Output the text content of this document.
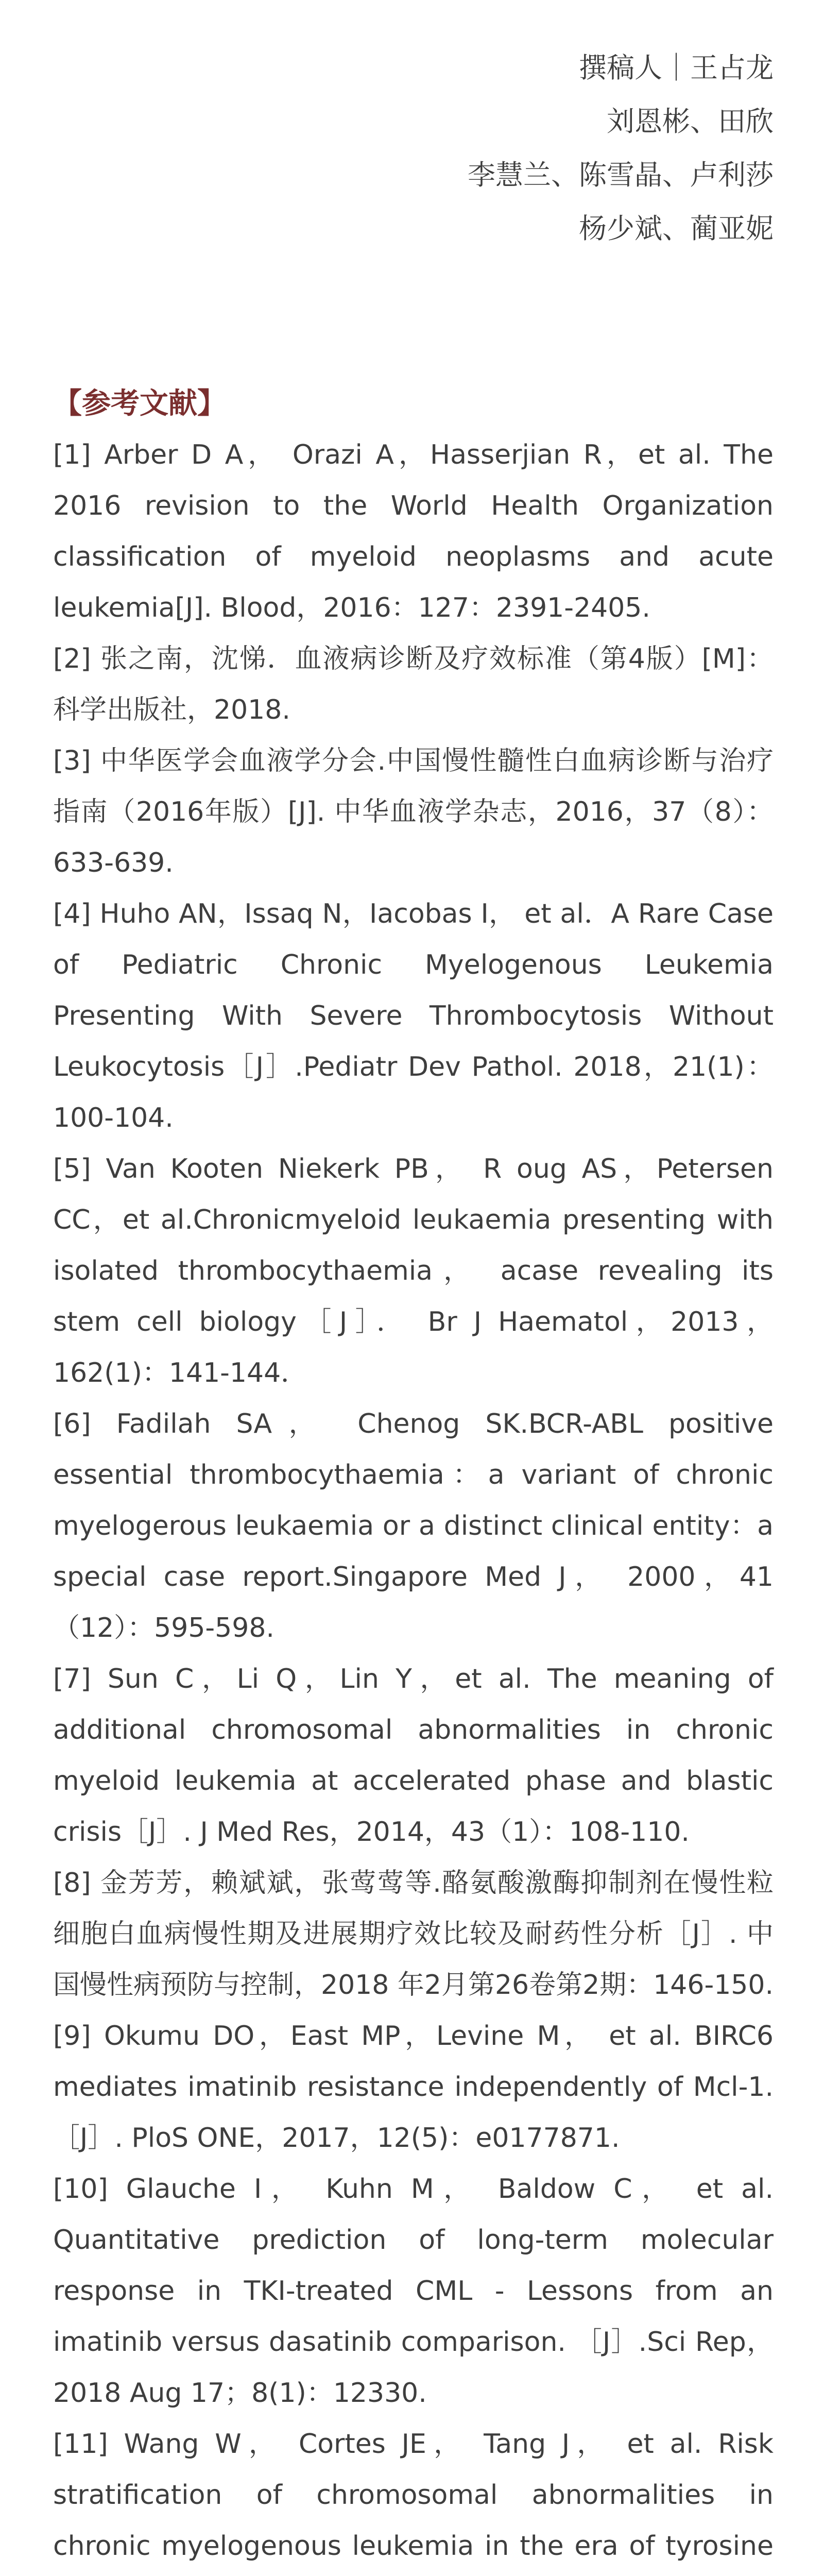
撰稿人｜王占龙
刘恩彬、田欣
李慧兰、陈雪晶、卢利莎
杨少斌、蔺亚妮
【参考文献】
[1] Arber D A， Orazi A，Hasserjian R，et al. The 2016 revision to the World Health Organization classification of myeloid neoplasms and acute leukemia[J]. Blood，2016：127：2391-2405.
[2] 张之南，沈悌．血液病诊断及疗效标准（第4版）[M]：科学出版社，2018.
[3] 中华医学会血液学分会.中国慢性髓性白血病诊断与治疗指南（2016年版）[J]. 中华血液学杂志，2016，37（8）：633-639.
[4] Huho AN，Issaq N，Iacobas I， et al．A Rare Case of Pediatric Chronic Myelogenous Leukemia Presenting With Severe Thrombocytosis Without Leukocytosis［J］.Pediatr Dev Pathol. 2018，21(1)：100-104.
[5] Van Kooten Niekerk PB， R oug AS，Petersen CC，et al.Chronicmyeloid leukaemia presenting with isolated thrombocythaemia， acase revealing its stem cell biology［J］． Br J Haematol，2013，162(1)：141-144．
[6] Fadilah SA， Chenog SK.BCR-ABL positive essential thrombocythaemia：a variant of chronic myelogerous leukaemia or a distinct clinical entity：a special case report.Singapore Med J， 2000，41（12）：595-598.
[7] Sun C，Li Q，Lin Y，et al. The meaning of additional chromosomal abnormalities in chronic myeloid leukemia at accelerated phase and blastic crisis［J］. J Med Res，2014，43（1）：108-110.
[8] 金芳芳，赖斌斌，张莺莺等.酪氨酸激酶抑制剂在慢性粒细胞白血病慢性期及进展期疗效比较及耐药性分析［J］. 中国慢性病预防与控制，2018 年2月第26卷第2期：146-150.
[9] Okumu DO，East MP，Levine M， et al. BIRC6 mediates imatinib resistance independently of Mcl-1.［J］. PloS ONE，2017，12(5)：e0177871.
[10] Glauche I， Kuhn M， Baldow C， et al. Quantitative prediction of long-term molecular response in TKI-treated CML - Lessons from an imatinib versus dasatinib comparison. ［J］.Sci Rep，2018 Aug 17；8(1)：12330.
[11] Wang W， Cortes JE， Tang J， et al. Risk stratification of chromosomal abnormalities in chronic myelogenous leukemia in the era of tyrosine
